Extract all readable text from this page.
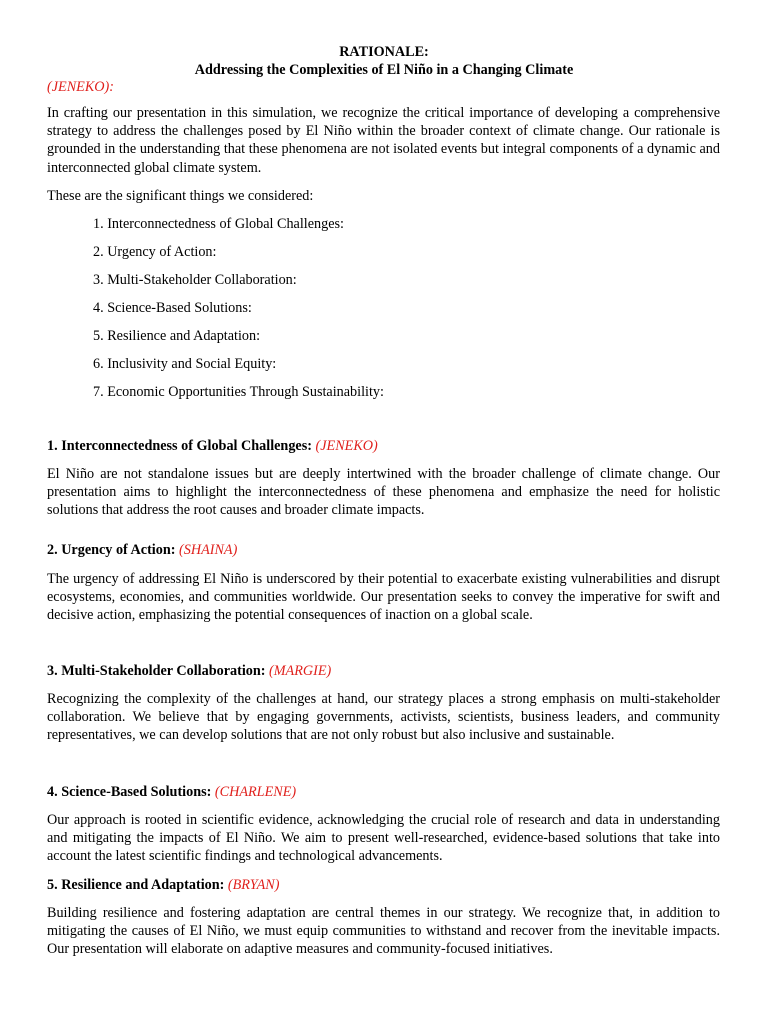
RATIONALE:
Addressing the Complexities of El Niño in a Changing Climate
(JENEKO):
In crafting our presentation in this simulation, we recognize the critical importance of developing a comprehensive strategy to address the challenges posed by El Niño within the broader context of climate change. Our rationale is grounded in the understanding that these phenomena are not isolated events but integral components of a dynamic and interconnected global climate system.
These are the significant things we considered:
1. Interconnectedness of Global Challenges:
2. Urgency of Action:
3. Multi-Stakeholder Collaboration:
4. Science-Based Solutions:
5. Resilience and Adaptation:
6. Inclusivity and Social Equity:
7. Economic Opportunities Through Sustainability:
1. Interconnectedness of Global Challenges: (JENEKO)
El Niño are not standalone issues but are deeply intertwined with the broader challenge of climate change. Our presentation aims to highlight the interconnectedness of these phenomena and emphasize the need for holistic solutions that address the root causes and broader climate impacts.
2. Urgency of Action: (SHAINA)
The urgency of addressing El Niño is underscored by their potential to exacerbate existing vulnerabilities and disrupt ecosystems, economies, and communities worldwide. Our presentation seeks to convey the imperative for swift and decisive action, emphasizing the potential consequences of inaction on a global scale.
3. Multi-Stakeholder Collaboration: (MARGIE)
Recognizing the complexity of the challenges at hand, our strategy places a strong emphasis on multi-stakeholder collaboration. We believe that by engaging governments, activists, scientists, business leaders, and community representatives, we can develop solutions that are not only robust but also inclusive and sustainable.
4. Science-Based Solutions: (CHARLENE)
Our approach is rooted in scientific evidence, acknowledging the crucial role of research and data in understanding and mitigating the impacts of El Niño. We aim to present well-researched, evidence-based solutions that take into account the latest scientific findings and technological advancements.
5. Resilience and Adaptation: (BRYAN)
Building resilience and fostering adaptation are central themes in our strategy. We recognize that, in addition to mitigating the causes of El Niño, we must equip communities to withstand and recover from the inevitable impacts. Our presentation will elaborate on adaptive measures and community-focused initiatives.
